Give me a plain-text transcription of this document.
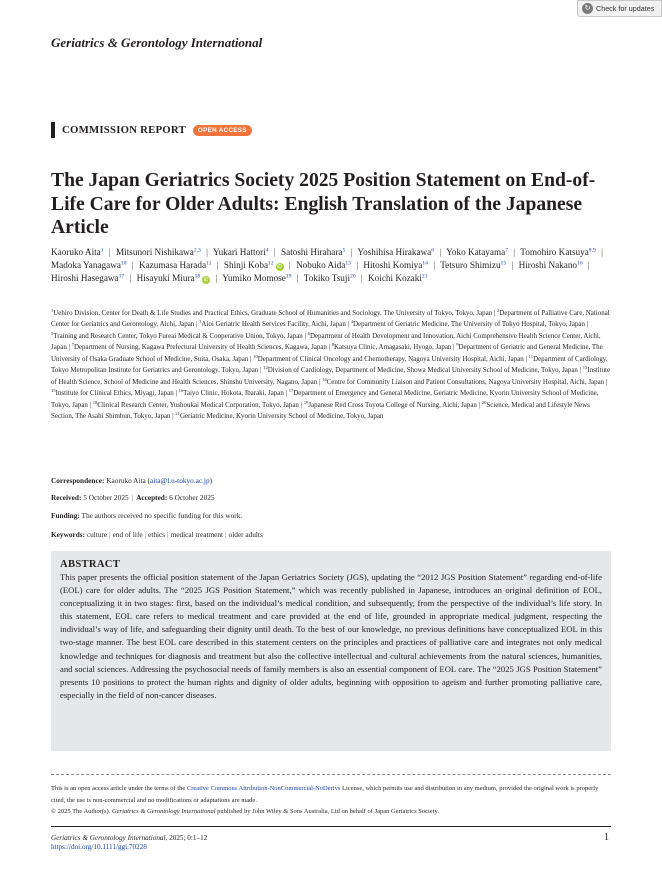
↻ Check for updates
Geriatrics & Gerontology International
COMMISSION REPORT	OPEN ACCESS
The Japan Geriatrics Society 2025 Position Statement on End-of-Life Care for Older Adults: English Translation of the Japanese Article
Kaoruko Aita$^1$ | Mitsunori Nishikawa$^{2,3}$ | Yukari Hattori$^4$ | Satoshi Hirahara$^5$ | Yoshihisa Hirakawa$^6$ | Yoko Katayama$^7$ | Tomohiro Katsuya$^{8,9}$ | Madoka Yanagawa$^{10}$ | Kazumasa Harada$^{11}$ | Shinji Koba$^{12}$iD | Nobuko Aida$^{13}$ | Hitoshi Komiya$^{14}$ | Tetsuro Shimizu$^{15}$ | Hiroshi Nakano$^{16}$ | Hiroshi Hasegawa$^{17}$ | Hisayuki Miura$^{18}$iD | Yumiko Momose$^{19}$ | Tokiko Tsuji$^{20}$ | Koichi Kozaki$^{21}$
$^1$Uehiro Division, Center for Death & Life Studies and Practical Ethics, Graduate School of Humanities and Sociology, The University of Tokyo, Tokyo, Japan | $^2$Department of Palliative Care, National Center for Geriatrics and Gerontology, Aichi, Japan | $^3$Aioi Geriatric Health Services Facility, Aichi, Japan | $^4$Department of Geriatric Medicine, The University of Tokyo Hospital, Tokyo, Japan | $^5$Training and Research Center, Tokyo Fureai Medical & Cooperative Union, Tokyo, Japan | $^6$Department of Health Development and Innovation, Aichi Comprehensive Health Science Center, Aichi, Japan | $^7$Department of Nursing, Kagawa Prefectural University of Health Sciences, Kagawa, Japan | $^8$Katsuya Clinic, Amagasaki, Hyogo, Japan | $^9$Department of Geriatric and General Medicine, The University of Osaka Graduate School of Medicine, Suita, Osaka, Japan | $^{10}$Department of Clinical Oncology and Chemotherapy, Nagoya University Hospital, Aichi, Japan | $^{11}$Department of Cardiology, Tokyo Metropolitan Institute for Geriatrics and Gerontology, Tokyo, Japan | $^{12}$Division of Cardiology, Department of Medicine, Showa Medical University School of Medicine, Tokyo, Japan | $^{13}$Institute of Health Science, School of Medicine and Health Sciences, Shinshu University, Nagano, Japan | $^{14}$Centre for Community Liaison and Patient Consultations, Nagoya University Hospital, Aichi, Japan | $^{15}$Institute for Clinical Ethics, Miyagi, Japan | $^{16}$Taiyo Clinic, Hokota, Ibaraki, Japan | $^{17}$Department of Emergency and General Medicine, Geriatric Medicine, Kyorin University School of Medicine, Tokyo, Japan | $^{18}$Clinical Research Center, Yushoukai Medical Corporation, Tokyo, Japan | $^{19}$Japanese Red Cross Toyota College of Nursing, Aichi, Japan | $^{20}$Science, Medical and Lifestyle News Section, The Asahi Shimbun, Tokyo, Japan | $^{21}$Geriatric Medicine, Kyorin University School of Medicine, Tokyo, Japan
Correspondence: Kaoruko Aita (aita@l.u-tokyo.ac.jp)
Received: 5 October 2025 | Accepted: 6 October 2025
Funding: The authors received no specific funding for this work.
Keywords: culture | end of life | ethics | medical treatment | older adults
ABSTRACT

This paper presents the official position statement of the Japan Geriatrics Society (JGS), updating the “2012 JGS Position Statement” regarding end-of-life (EOL) care for older adults. The “2025 JGS Position Statement,” which was recently published in Japanese, introduces an original definition of EOL, conceptualizing it in two stages: first, based on the individual’s medical condition, and subsequently, from the perspective of the individual’s life story. In this statement, EOL care refers to medical treatment and care provided at the end of life, grounded in appropriate medical judgment, respecting the individual’s way of life, and safeguarding their dignity until death. To the best of our knowledge, no previous definitions have conceptualized EOL in this two-stage manner. The best EOL care described in this statement centers on the principles and practices of palliative care and integrates not only medical knowledge and techniques for diagnosis and treatment but also the collective intellectual and cultural achievements from the natural sciences, humanities, and social sciences. Addressing the psychosocial needs of family members is also an essential component of EOL care. The “2025 JGS Position Statement” presents 10 positions to protect the human rights and dignity of older adults, beginning with opposition to ageism and further promoting palliative care, especially in the field of non-cancer diseases.

This is an open access article under the terms of the Creative Commons Attribution-NonCommercial-NoDerivs License, which permits use and distribution in any medium, provided the original work is properly cited, the use is non-commercial and no modifications or adaptations are made.
© 2025 The Author(s). Geriatrics & Gerontology International published by John Wiley & Sons Australia, Ltd on behalf of Japan Geriatrics Society.
Geriatrics & Gerontology International, 2025; 0:1–12
https://doi.org/10.1111/ggi.70228
1
